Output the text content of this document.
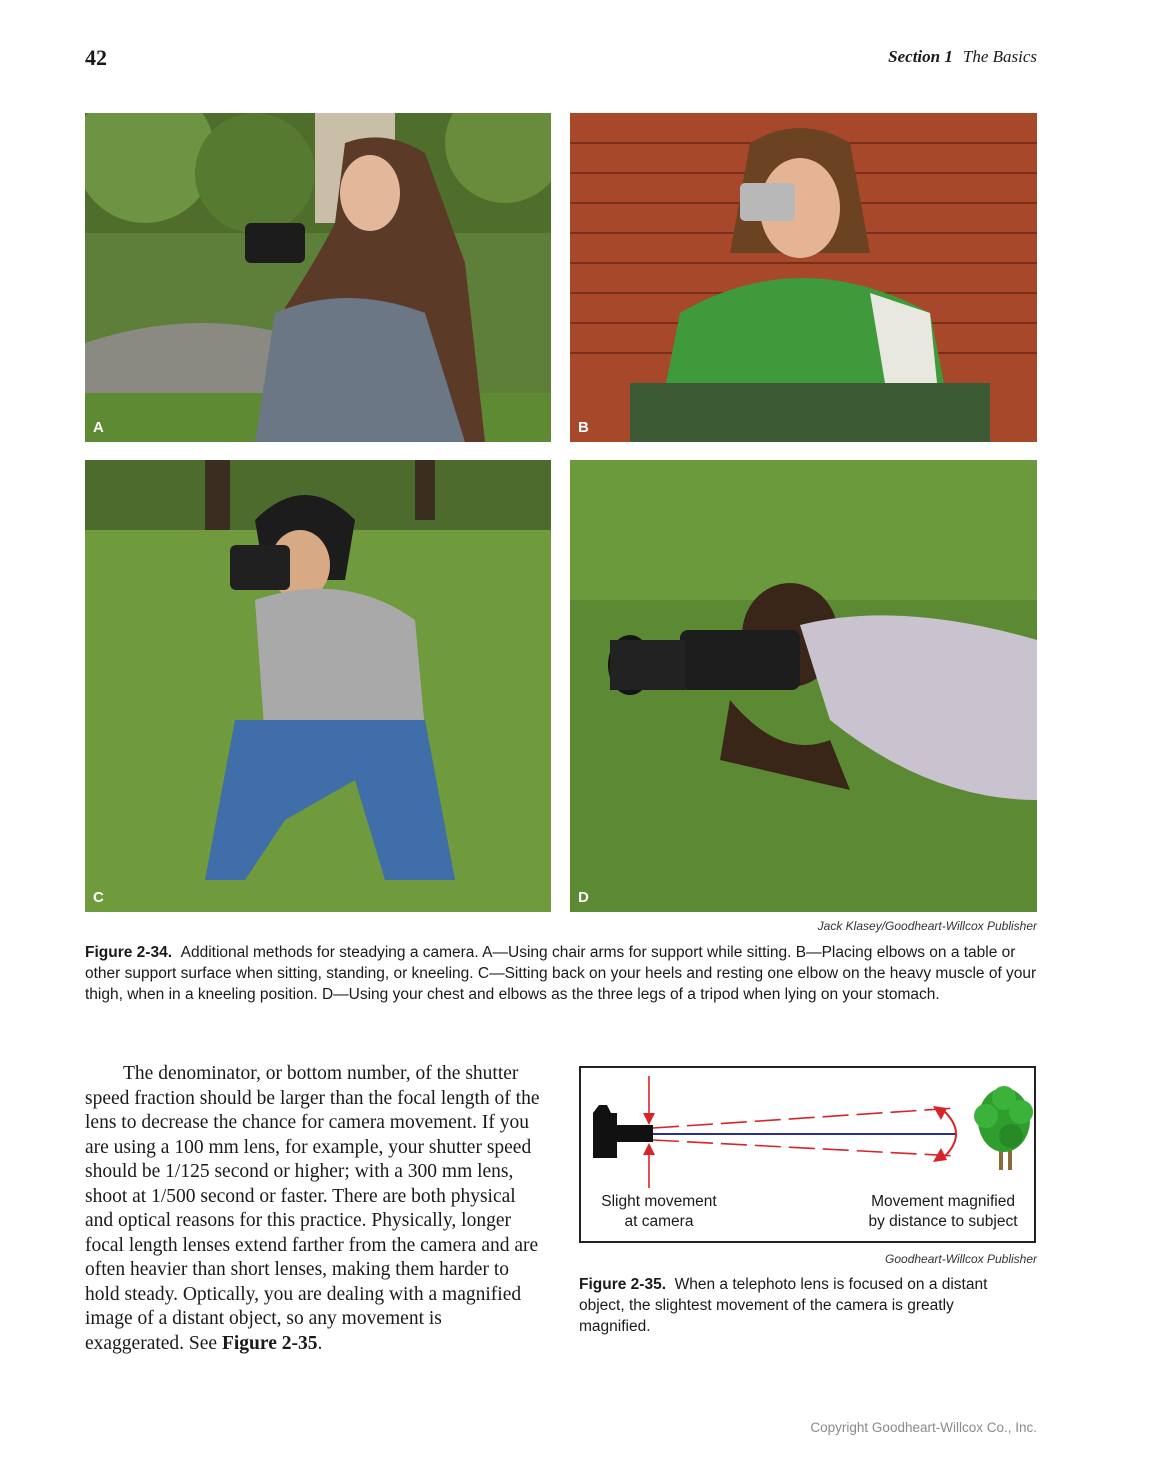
42	Section 1 The Basics
A	B
C	D
Jack Klasey/Goodheart-Willcox Publisher
Figure 2-34. Additional methods for steadying a camera. A—Using chair arms for support while sitting. B—Placing elbows on a table or other support surface when sitting, standing, or kneeling. C—Sitting back on your heels and resting one elbow on the heavy muscle of your thigh, when in a kneeling position. D—Using your chest and elbows as the three legs of a tripod when lying on your stomach.
The denominator, or bottom number, of the shutter speed fraction should be larger than the focal length of the lens to decrease the chance for camera movement. If you are using a 100 mm lens, for example, your shutter speed should be 1/125 second or higher; with a 300 mm lens, shoot at 1/500 second or faster. There are both physical and optical reasons for this practice. Physically, longer focal length lenses extend farther from the camera and are often heavier than short lenses, making them harder to hold steady. Optically, you are dealing with a magnified image of a distant object, so any movement is exaggerated. See Figure 2-35.
Slight movement
at camera
Movement magnified
by distance to subject
Goodheart-Willcox Publisher
Figure 2-35. When a telephoto lens is focused on a distant object, the slightest movement of the camera is greatly magnified.
Copyright Goodheart-Willcox Co., Inc.
